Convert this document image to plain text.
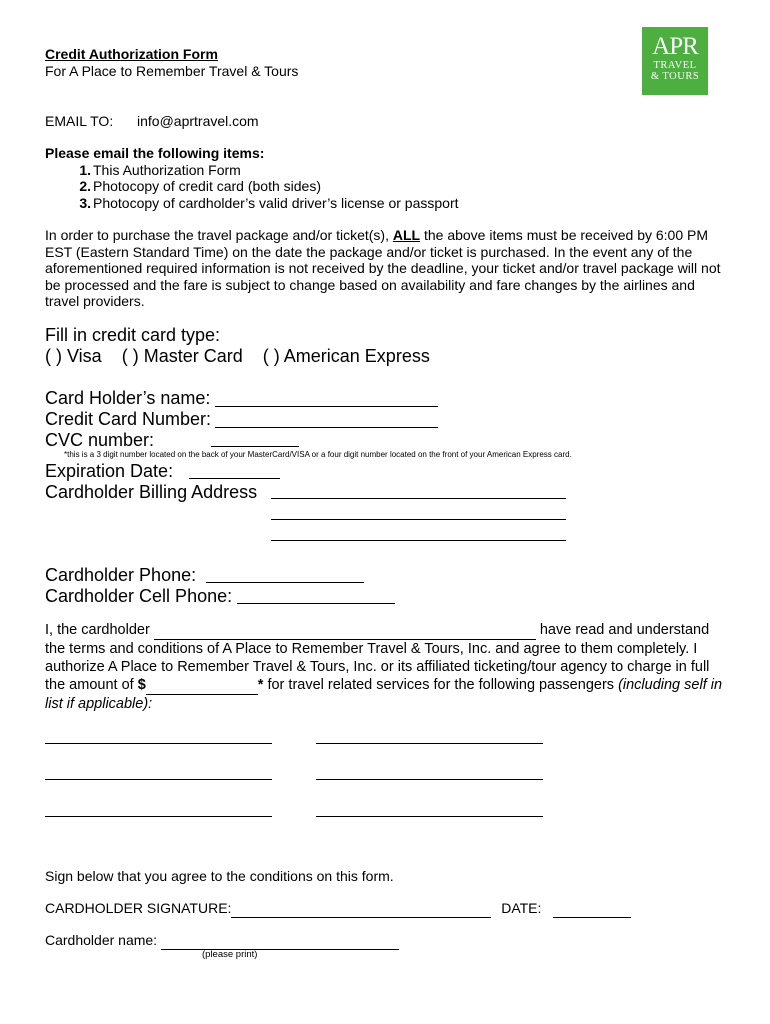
Credit Authorization Form
For A Place to Remember Travel & Tours
APR
TRAVEL
& TOURS
EMAIL TO: info@aprtravel.com
Please email the following items:
1. This Authorization Form
2. Photocopy of credit card (both sides)
3. Photocopy of cardholder’s valid driver’s license or passport

In order to purchase the travel package and/or ticket(s), ALL the above items must be received by 6:00 PM EST (Eastern Standard Time) on the date the package and/or ticket is purchased. In the event any of the aforementioned required information is not received by the deadline, your ticket and/or travel package will not be processed and the fare is subject to change based on availability and fare changes by the airlines and travel providers.

Fill in credit card type:
( ) Visa ( ) Master Card ( ) American Express
Card Holder’s name:
Credit Card Number:
CVC number:
*this is a 3 digit number located on the back of your MasterCard/VISA or a four digit number located on the front of your American Express card.
Expiration Date:
Cardholder Billing Address
Cardholder Phone:
Cardholder Cell Phone:
I, the cardholder	have read and understand the terms and conditions of A Place to Remember Travel & Tours, Inc. and agree to them completely. I authorize A Place to Remember Travel & Tours, Inc. or its affiliated ticketing/tour agency to charge in full the amount of $	* for travel related services for the following passengers (including self in list if applicable):
Sign below that you agree to the conditions on this form.
CARDHOLDER SIGNATURE:	DATE:
Cardholder name:
(please print)
